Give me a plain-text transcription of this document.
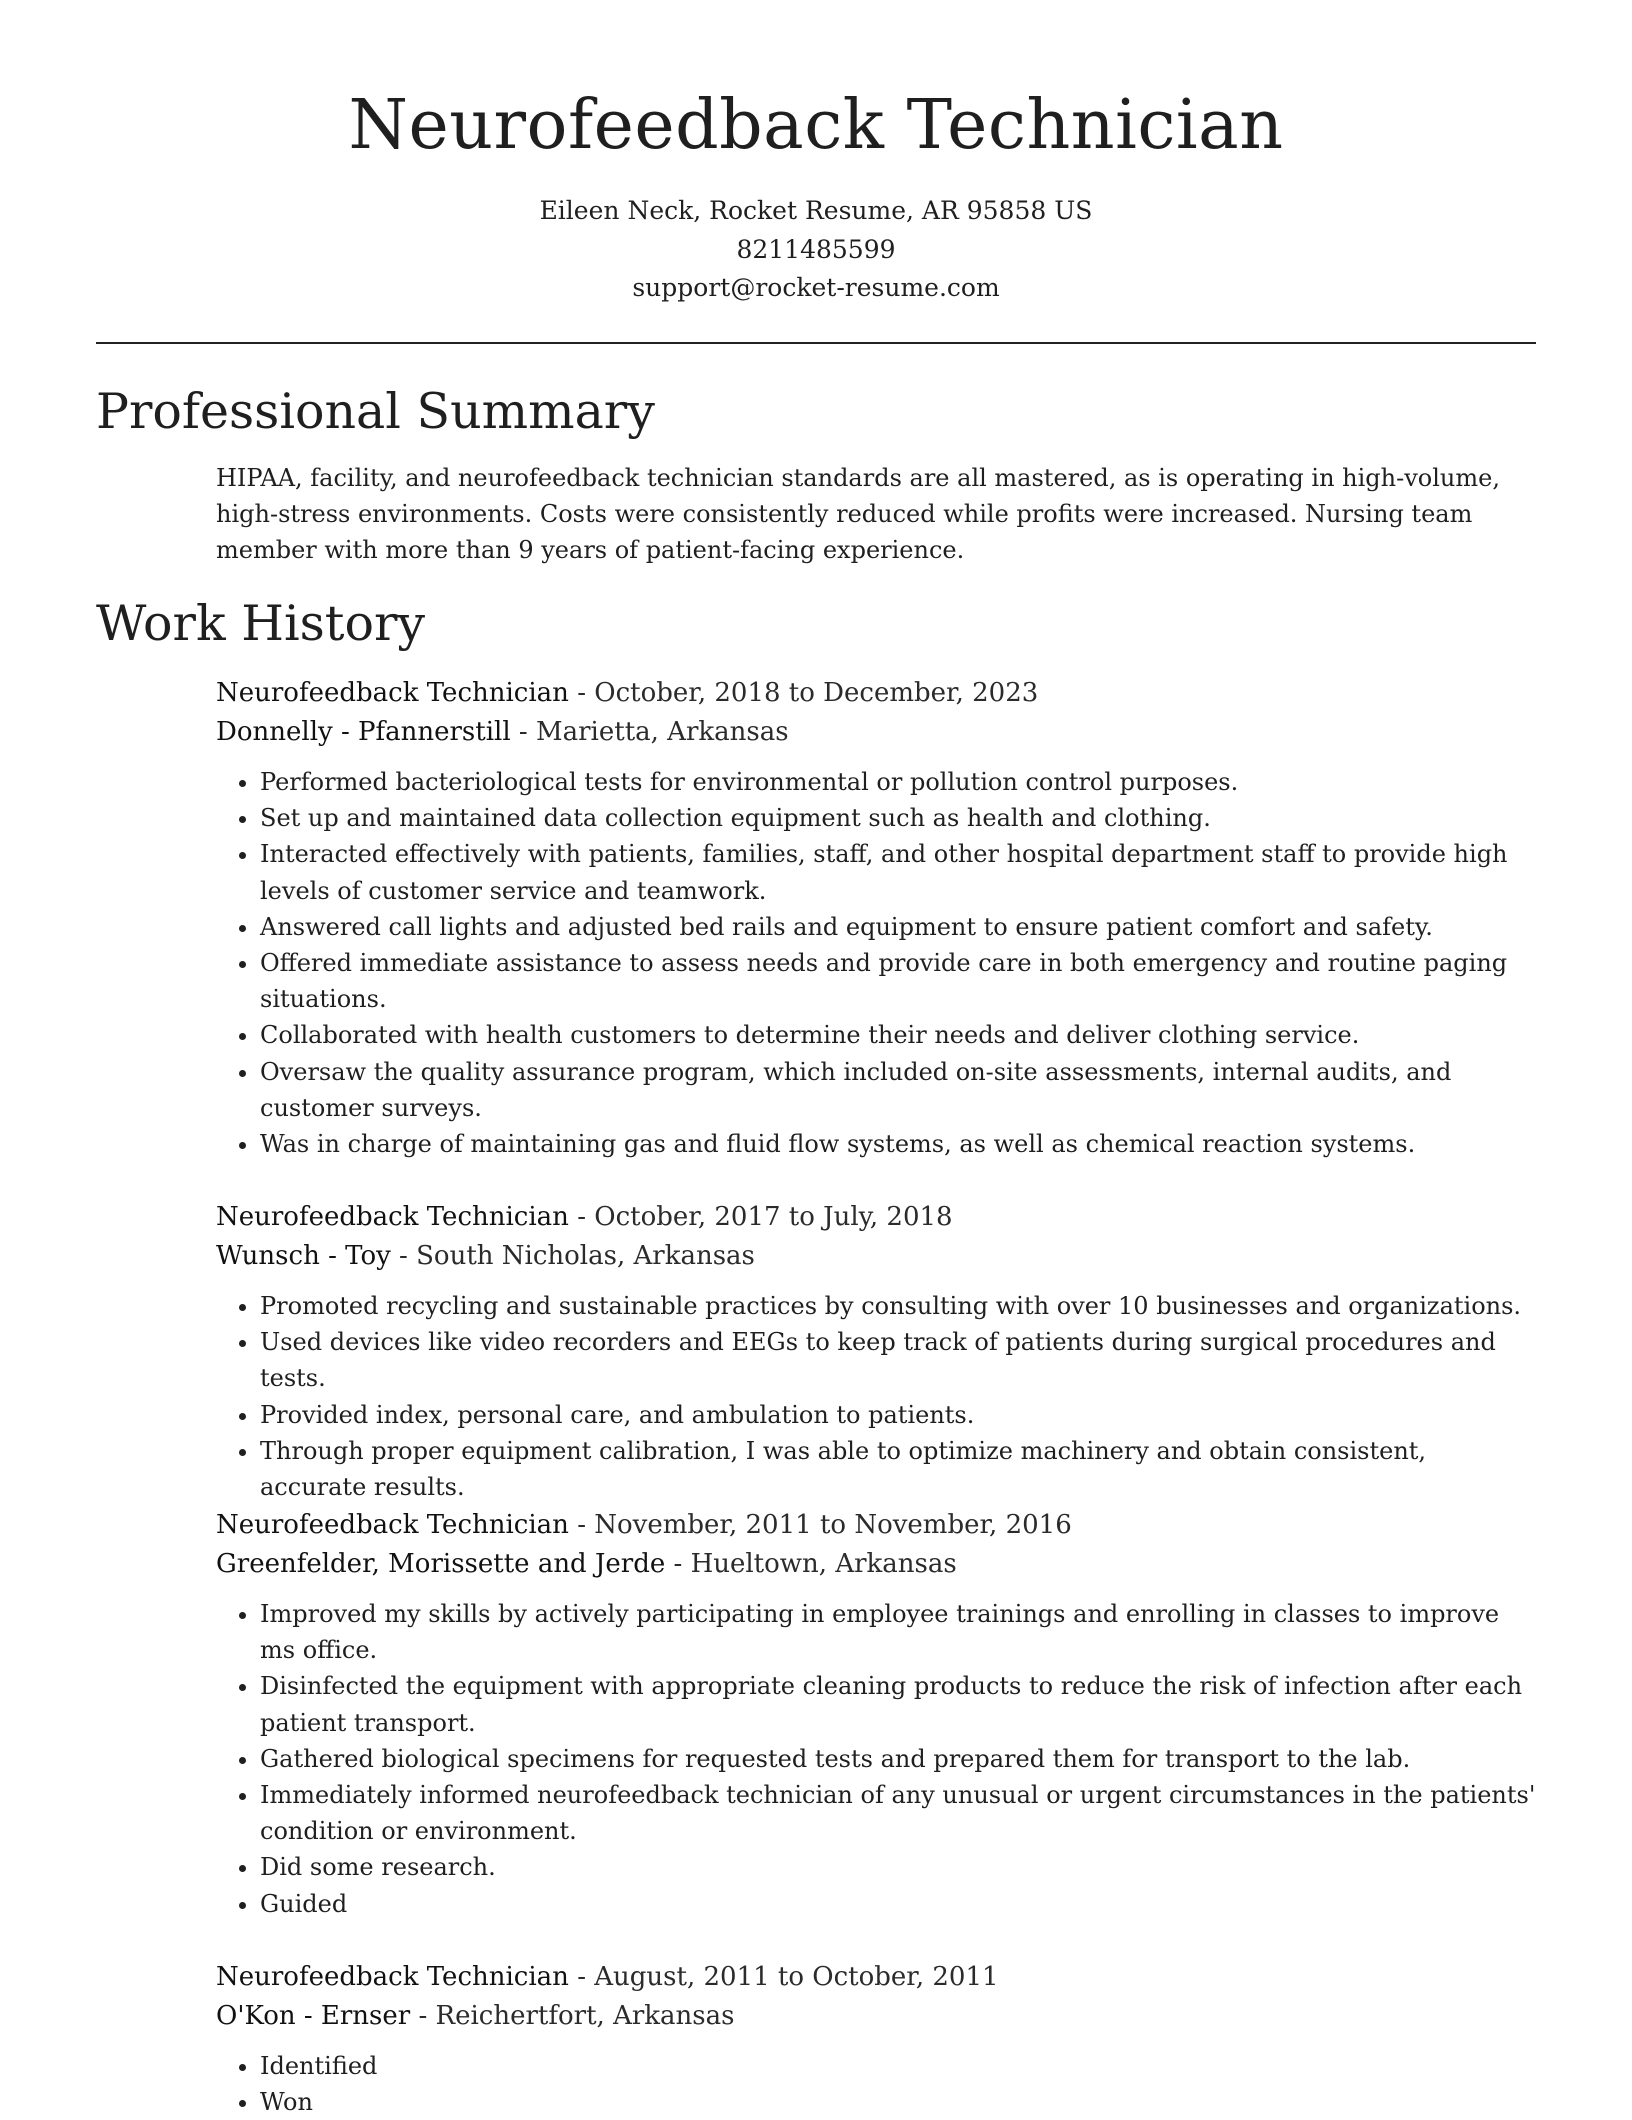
Neurofeedback Technician
Eileen Neck, Rocket Resume, AR 95858 US
8211485599
support@rocket-resume.com
Professional Summary

HIPAA, facility, and neurofeedback technician standards are all mastered, as is operating in high-volume, high-stress environments. Costs were consistently reduced while profits were increased. Nursing team member with more than 9 years of patient-facing experience.

Work History
Neurofeedback Technician - October, 2018 to December, 2023
Donnelly - Pfannerstill - Marietta, Arkansas
• Performed bacteriological tests for environmental or pollution control purposes.
• Set up and maintained data collection equipment such as health and clothing.
• Interacted effectively with patients, families, staff, and other hospital department staff to provide high levels of customer service and teamwork.
• Answered call lights and adjusted bed rails and equipment to ensure patient comfort and safety.
• Offered immediate assistance to assess needs and provide care in both emergency and routine paging situations.
• Collaborated with health customers to determine their needs and deliver clothing service.
• Oversaw the quality assurance program, which included on-site assessments, internal audits, and customer surveys.
• Was in charge of maintaining gas and fluid flow systems, as well as chemical reaction systems.
Neurofeedback Technician - October, 2017 to July, 2018
Wunsch - Toy - South Nicholas, Arkansas
• Promoted recycling and sustainable practices by consulting with over 10 businesses and organizations.
• Used devices like video recorders and EEGs to keep track of patients during surgical procedures and tests.
• Provided index, personal care, and ambulation to patients.
• Through proper equipment calibration, I was able to optimize machinery and obtain consistent, accurate results.
Neurofeedback Technician - November, 2011 to November, 2016
Greenfelder, Morissette and Jerde - Hueltown, Arkansas
• Improved my skills by actively participating in employee trainings and enrolling in classes to improve ms office.
• Disinfected the equipment with appropriate cleaning products to reduce the risk of infection after each patient transport.
• Gathered biological specimens for requested tests and prepared them for transport to the lab.
• Immediately informed neurofeedback technician of any unusual or urgent circumstances in the patients' condition or environment.
• Did some research.
• Guided
Neurofeedback Technician - August, 2011 to October, 2011
O'Kon - Ernser - Reichertfort, Arkansas
• Identified
• Won
